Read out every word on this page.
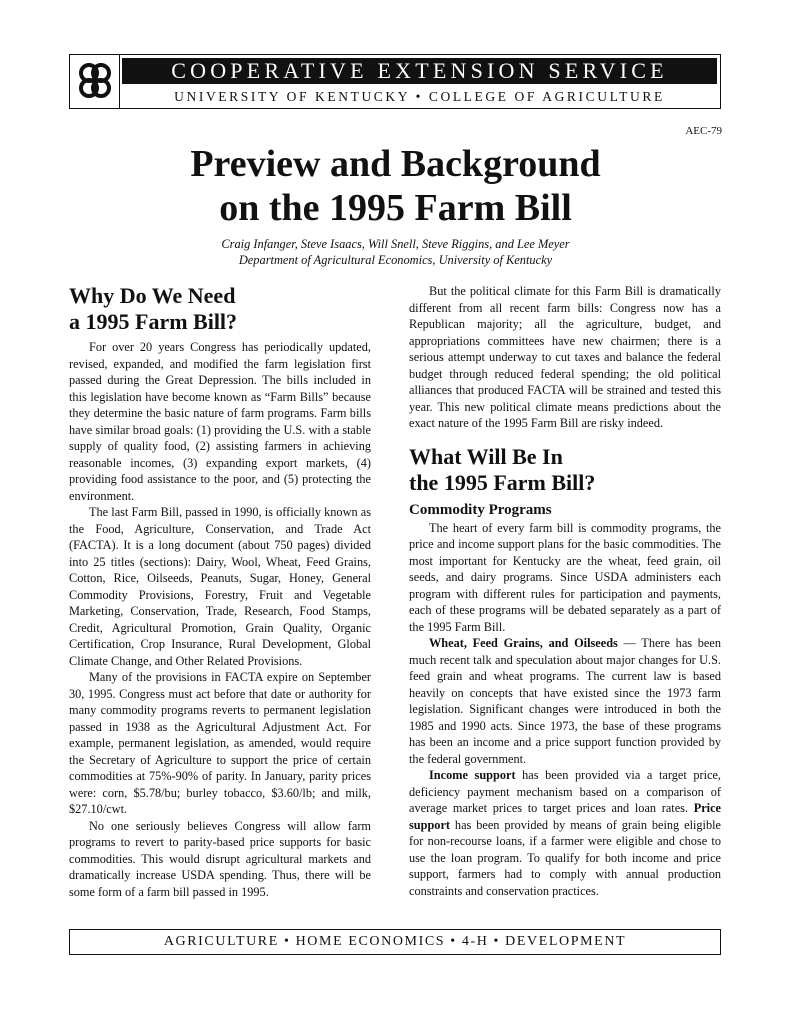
COOPERATIVE EXTENSION SERVICE
UNIVERSITY OF KENTUCKY • COLLEGE OF AGRICULTURE
AEC-79
Preview and Background
on the 1995 Farm Bill
Craig Infanger, Steve Isaacs, Will Snell, Steve Riggins, and Lee Meyer
Department of Agricultural Economics, University of Kentucky
Why Do We Need
a 1995 Farm Bill?

For over 20 years Congress has periodically updated, revised, expanded, and modified the farm legislation first passed during the Great Depression. The bills included in this legislation have become known as “Farm Bills” because they determine the basic nature of farm programs. Farm bills have similar broad goals: (1) providing the U.S. with a stable supply of quality food, (2) assisting farmers in achieving reasonable incomes, (3) expanding export markets, (4) providing food assistance to the poor, and (5) protecting the environment.

The last Farm Bill, passed in 1990, is officially known as the Food, Agriculture, Conservation, and Trade Act (FACTA). It is a long document (about 750 pages) divided into 25 titles (sections): Dairy, Wool, Wheat, Feed Grains, Cotton, Rice, Oilseeds, Peanuts, Sugar, Honey, General Commodity Provisions, Forestry, Fruit and Vegetable Marketing, Conservation, Trade, Research, Food Stamps, Credit, Agricultural Promotion, Grain Quality, Organic Certification, Crop Insurance, Rural Development, Global Climate Change, and Other Related Provisions.

Many of the provisions in FACTA expire on September 30, 1995. Congress must act before that date or authority for many commodity programs reverts to permanent legislation passed in 1938 as the Agricultural Adjustment Act. For example, permanent legislation, as amended, would require the Secretary of Agriculture to support the price of certain commodities at 75%-90% of parity. In January, parity prices were: corn, $5.78/bu; burley tobacco, $3.60/lb; and milk, $27.10/cwt.

No one seriously believes Congress will allow farm programs to revert to parity-based price supports for basic commodities. This would disrupt agricultural markets and dramatically increase USDA spending. Thus, there will be some form of a farm bill passed in 1995.

But the political climate for this Farm Bill is dramatically different from all recent farm bills: Congress now has a Republican majority; all the agriculture, budget, and appropriations committees have new chairmen; there is a serious attempt underway to cut taxes and balance the federal budget through reduced federal spending; the old political alliances that produced FACTA will be strained and tested this year. This new political climate means predictions about the exact nature of the 1995 Farm Bill are risky indeed.

What Will Be In
the 1995 Farm Bill?
Commodity Programs

The heart of every farm bill is commodity programs, the price and income support plans for the basic commodities. The most important for Kentucky are the wheat, feed grain, oil seeds, and dairy programs. Since USDA administers each program with different rules for participation and payments, each of these programs will be debated separately as a part of the 1995 Farm Bill.

Wheat, Feed Grains, and Oilseeds — There has been much recent talk and speculation about major changes for U.S. feed grain and wheat programs. The current law is based heavily on concepts that have existed since the 1973 farm legislation. Significant changes were introduced in both the 1985 and 1990 acts. Since 1973, the base of these programs has been an income and a price support function provided by the federal government.

Income support has been provided via a target price, deficiency payment mechanism based on a comparison of average market prices to target prices and loan rates. Price support has been provided by means of grain being eligible for non-recourse loans, if a farmer were eligible and chose to use the loan program. To qualify for both income and price support, farmers had to comply with annual production constraints and conservation practices.

AGRICULTURE • HOME ECONOMICS • 4-H • DEVELOPMENT
